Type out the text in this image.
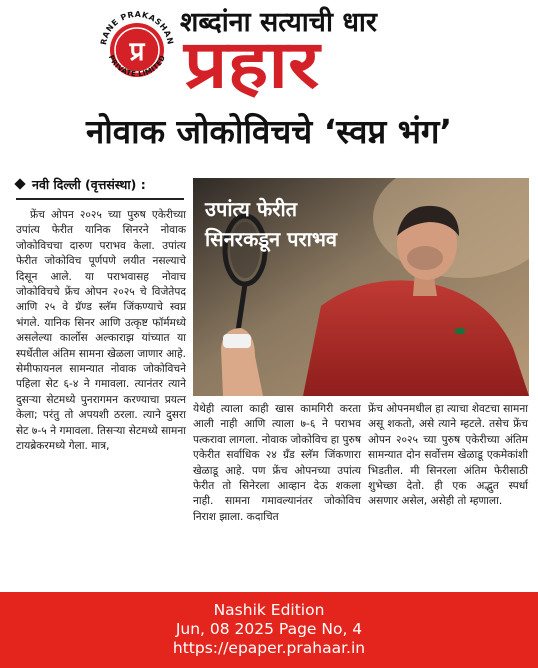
प्र
RANE PRAKASHAN
PRIVATE LIMITED
शब्दांना सत्याची धार
प्रहार
नोवाक जोकोविचचे ‘स्वप्न भंग’
नवी दिल्ली (वृत्तसंस्था) :

फ्रेंच ओपन २०२५ च्या पुरुष एकेरीच्या उपांत्य फेरीत यानिक सिनरने नोवाक जोकोविचचा दारुण पराभव केला. उपांत्य फेरीत जोकोविच पूर्णपणे लयीत नसल्याचे दिसून आले. या पराभवासह नोवाच जोकोविचचे फ्रेंच ओपन २०२५ चे विजेतेपद आणि २५ वे ग्रॅण्ड स्लॅम जिंकण्याचे स्वप्न भंगले. यानिक सिनर आणि उत्कृष्ट फॉर्ममध्ये असलेल्या कार्लोस अल्काराझ यांच्यात या स्पर्धेतील अंतिम सामना खेळला जाणार आहे. सेमीफायनल सामन्यात नोवाक जोकोविचने पहिला सेट ६-४ ने गमावला. त्यानंतर त्याने दुसऱ्या सेटमध्ये पुनरागमन करण्याचा प्रयत्न केला; परंतु तो अपयशी ठरला. त्याने दुसरा सेट ७-५ ने गमावला. तिसऱ्या सेटमध्ये सामना टायब्रेकरमध्ये गेला. मात्र,

उपांत्य फेरीत
सिनरकडून पराभव

येथेही त्याला काही खास कामगिरी करता आली नाही आणि त्याला ७-६ ने पराभव पत्करावा लागला. नोवाक जोकोविच हा पुरुष एकेरीत सर्वाधिक २४ ग्रँड स्लॅम जिंकणारा खेळाडू आहे. पण फ्रेंच ओपनच्या उपांत्य फेरीत तो सिनेरला आव्हान देऊ शकला नाही. सामना गमावल्यानंतर जोकोविच निराश झाला. कदाचित

फ्रेंच ओपनमधील हा त्याचा शेवटचा सामना असू शकतो, असे त्याने म्हटले. तसेच फ्रेंच ओपन २०२५ च्या पुरुष एकेरीच्या अंतिम सामन्यात दोन सर्वोत्तम खेळाडू एकमेकांशी भिडतील. मी सिनरला अंतिम फेरीसाठी शुभेच्छा देतो. ही एक अद्भुत स्पर्धा असणार असेल, असेही तो म्हणाला.

Nashik Edition
Jun, 08 2025 Page No, 4
https://epaper.prahaar.in
